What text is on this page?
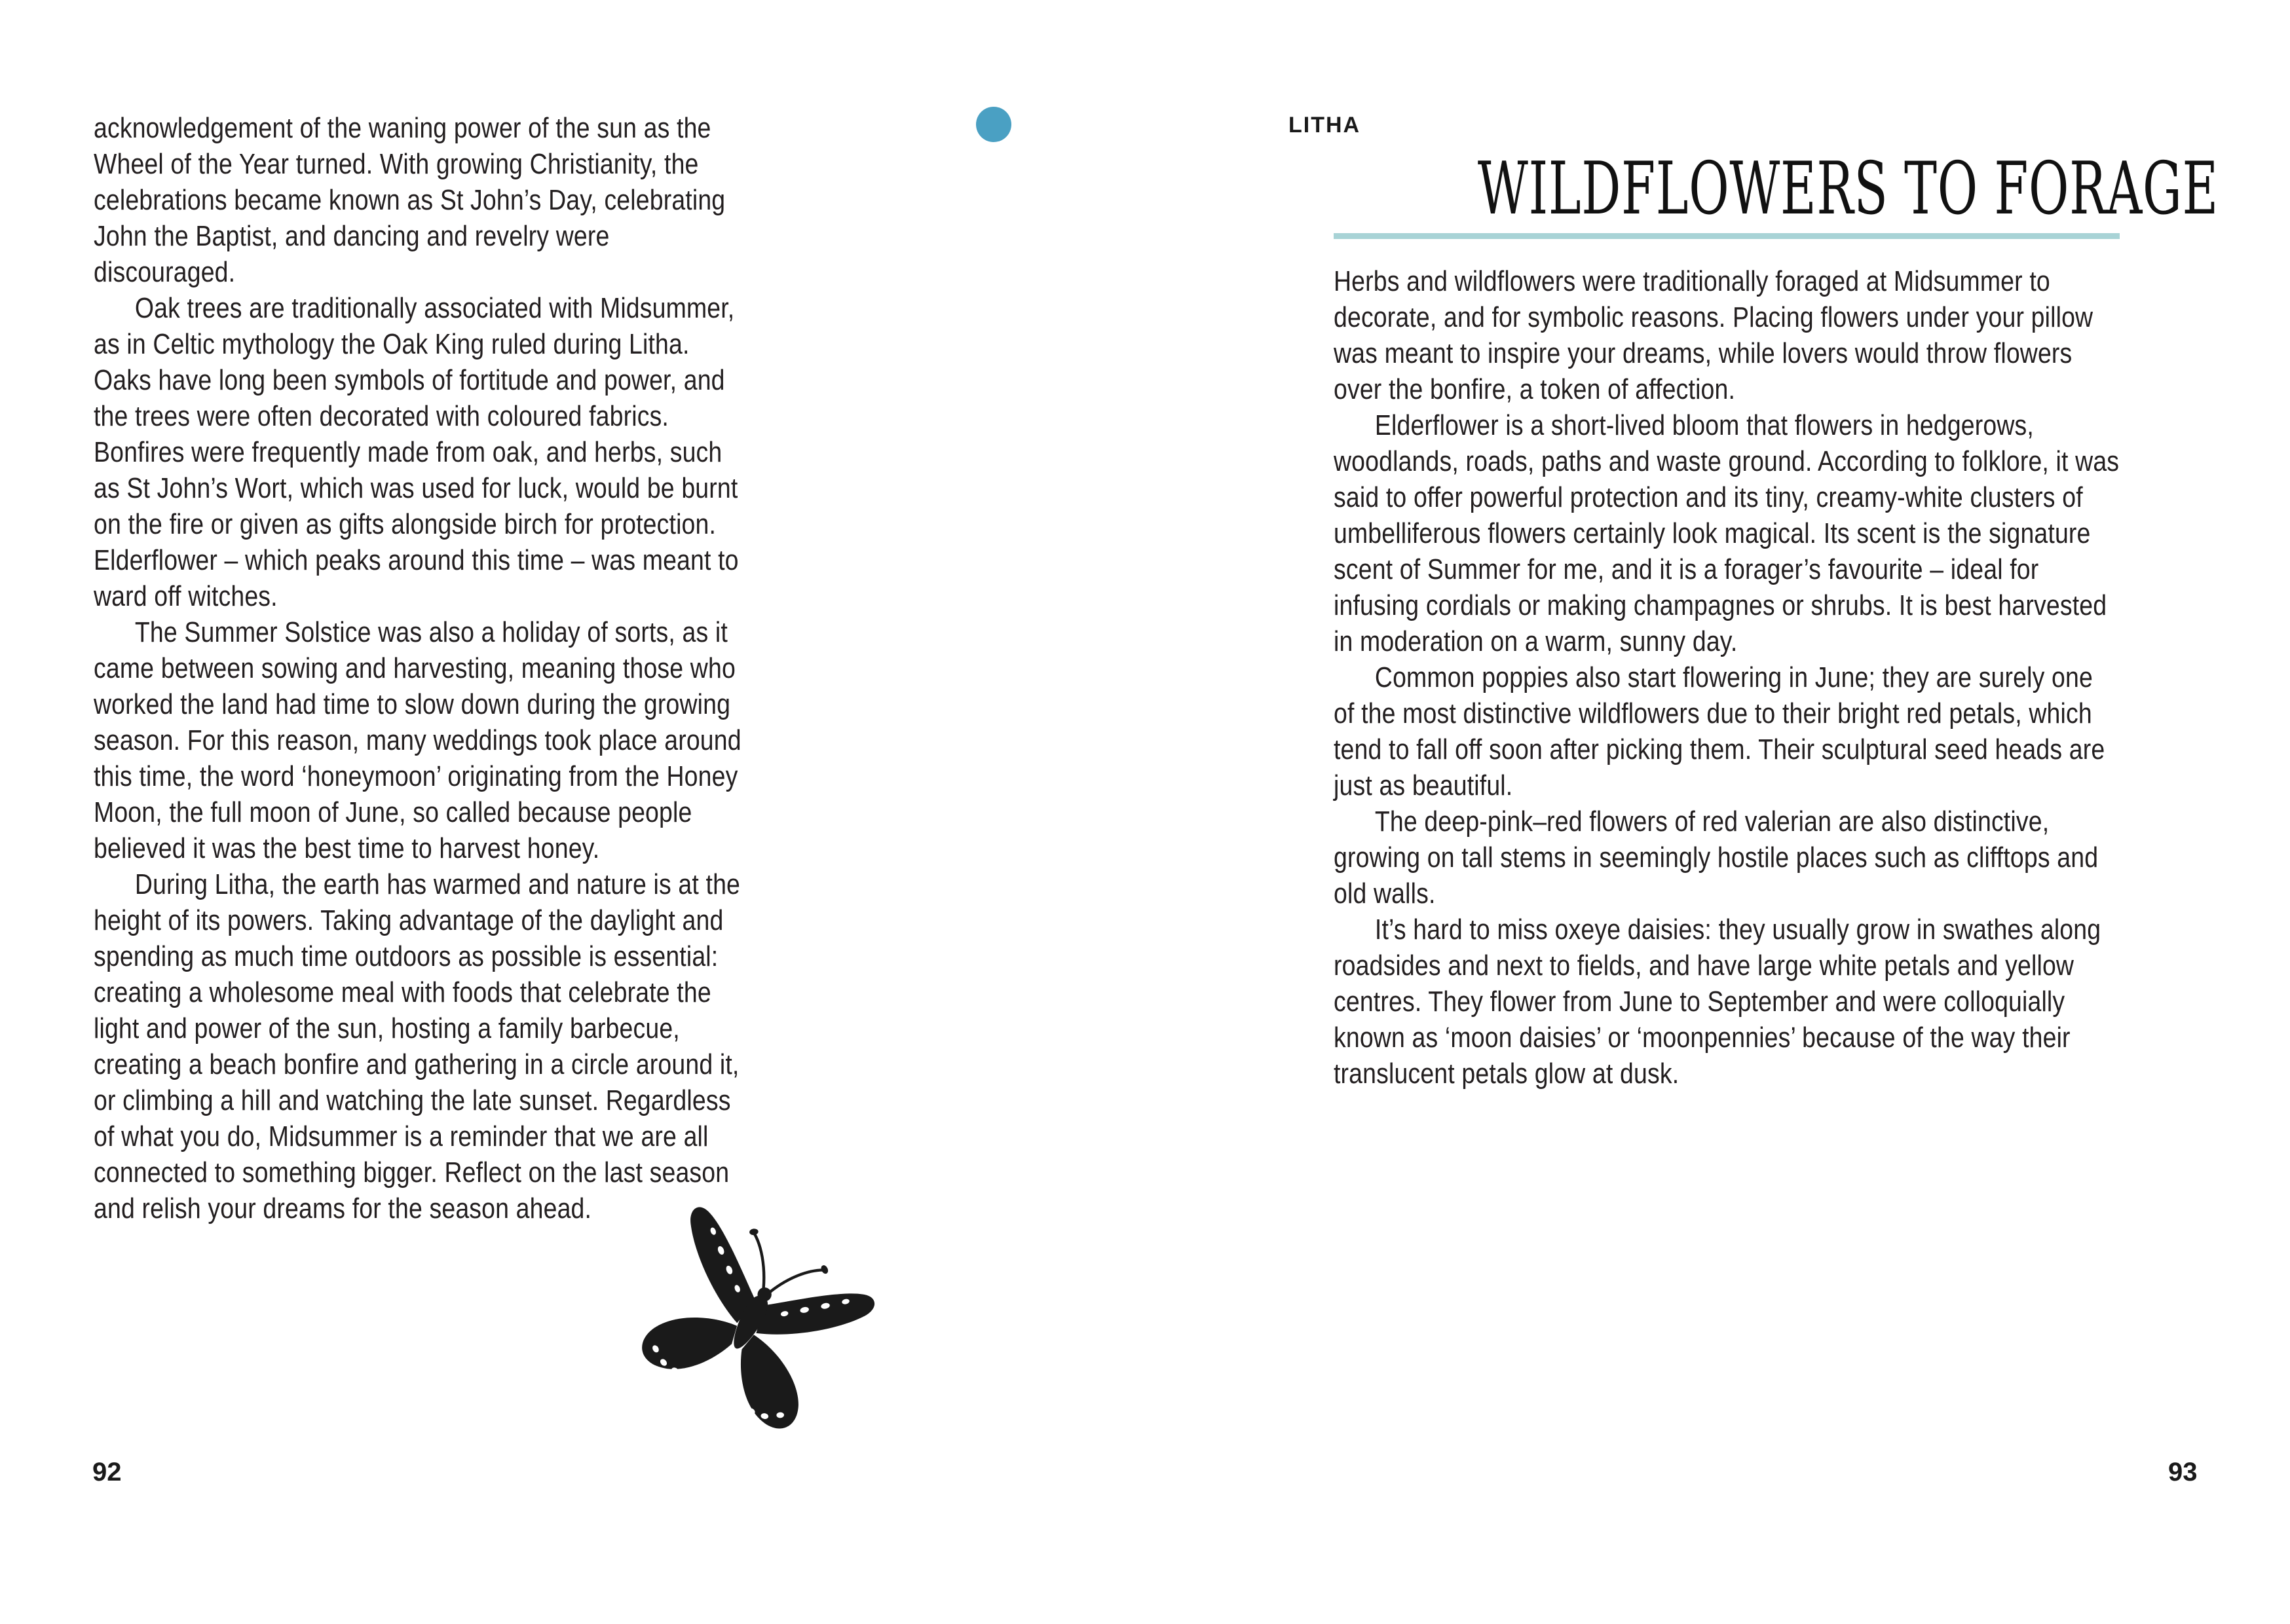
acknowledgement of the waning power of the sun as the Wheel of the Year turned. With growing Christianity, the celebrations became known as St John’s Day, celebrating John the Baptist, and dancing and revelry were discouraged.

Oak trees are traditionally associated with Midsummer, as in Celtic mythology the Oak King ruled during Litha. Oaks have long been symbols of fortitude and power, and the trees were often decorated with coloured fabrics. Bonfires were frequently made from oak, and herbs, such as St John’s Wort, which was used for luck, would be burnt on the fire or given as gifts alongside birch for protection. Elderflower – which peaks around this time – was meant to ward off witches.

The Summer Solstice was also a holiday of sorts, as it came between sowing and harvesting, meaning those who worked the land had time to slow down during the growing season. For this reason, many weddings took place around this time, the word ‘honeymoon’ originating from the Honey Moon, the full moon of June, so called because people believed it was the best time to harvest honey.

During Litha, the earth has warmed and nature is at the height of its powers. Taking advantage of the daylight and spending as much time outdoors as possible is essential: creating a wholesome meal with foods that celebrate the light and power of the sun, hosting a family barbecue, creating a beach bonfire and gathering in a circle around it, or climbing a hill and watching the late sunset. Regardless of what you do, Midsummer is a reminder that we are all connected to something bigger. Reflect on the last season and relish your dreams for the season ahead.

92
LITHA
WILDFLOWERS TO FORAGE

Herbs and wildflowers were traditionally foraged at Midsummer to decorate, and for symbolic reasons. Placing flowers under your pillow was meant to inspire your dreams, while lovers would throw flowers over the bonfire, a token of affection.

Elderflower is a short-lived bloom that flowers in hedgerows, woodlands, roads, paths and waste ground. According to folklore, it was said to offer powerful protection and its tiny, creamy-white clusters of umbelliferous flowers certainly look magical. Its scent is the signature scent of Summer for me, and it is a forager’s favourite – ideal for infusing cordials or making champagnes or shrubs. It is best harvested in moderation on a warm, sunny day.

Common poppies also start flowering in June; they are surely one of the most distinctive wildflowers due to their bright red petals, which tend to fall off soon after picking them. Their sculptural seed heads are just as beautiful.

The deep-pink–red flowers of red valerian are also distinctive, growing on tall stems in seemingly hostile places such as clifftops and old walls.

It’s hard to miss oxeye daisies: they usually grow in swathes along roadsides and next to fields, and have large white petals and yellow centres. They flower from June to September and were colloquially known as ‘moon daisies’ or ‘moonpennies’ because of the way their translucent petals glow at dusk.

93
